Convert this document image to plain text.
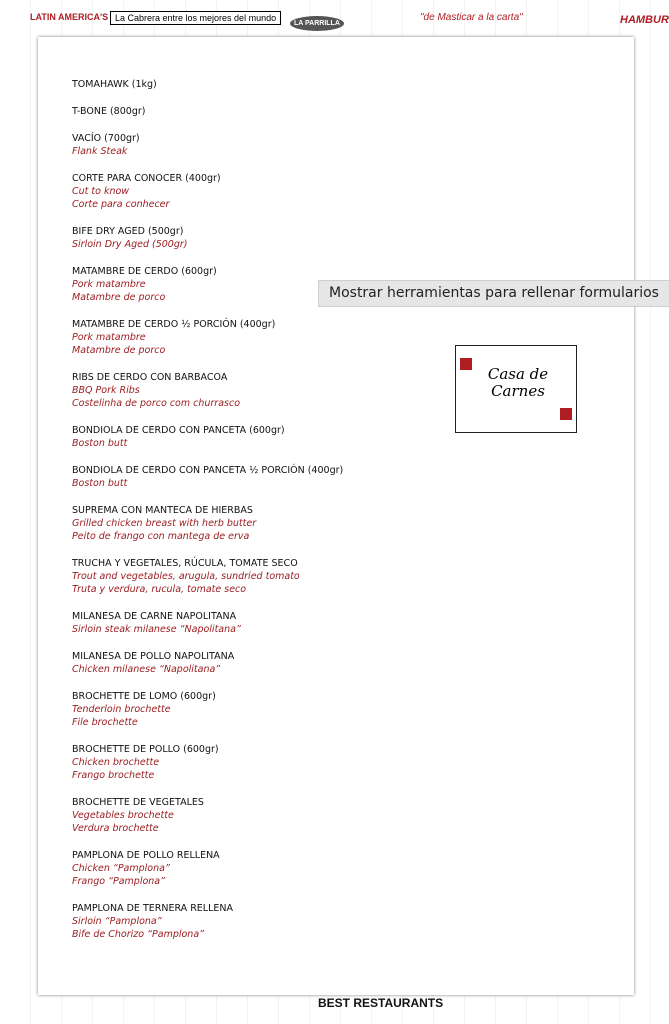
LATIN AMERICA'S La Cabrera entre los mejores del mundo
LA PARRILLA
"de Masticar a la carta"	HAMBUR
BEST RESTAURANTS
TOMAHAWK (1kg)
T-BONE (800gr)
VACÍO (700gr)
Flank Steak
CORTE PARA CONOCER (400gr)
Cut to know
Corte para conhecer
BIFE DRY AGED (500gr)
Sirloin Dry Aged (500gr)
MATAMBRE DE CERDO (600gr)
Pork matambre
Matambre de porco
MATAMBRE DE CERDO ½ PORCIÓN (400gr)
Pork matambre
Matambre de porco
RIBS DE CERDO CON BARBACOA
BBQ Pork Ribs
Costelinha de porco com churrasco
BONDIOLA DE CERDO CON PANCETA (600gr)
Boston butt
BONDIOLA DE CERDO CON PANCETA ½ PORCIÓN (400gr)
Boston butt
SUPREMA CON MANTECA DE HIERBAS
Grilled chicken breast with herb butter
Peito de frango con mantega de erva
TRUCHA Y VEGETALES, RÚCULA, TOMATE SECO
Trout and vegetables, arugula, sundried tomato
Truta y verdura, rucula, tomate seco
MILANESA DE CARNE NAPOLITANA
Sirloin steak milanese “Napolitana”
MILANESA DE POLLO NAPOLITANA
Chicken milanese “Napolitana”
BROCHETTE DE LOMO (600gr)
Tenderloin brochette
File brochette
BROCHETTE DE POLLO (600gr)
Chicken brochette
Frango brochette
BROCHETTE DE VEGETALES
Vegetables brochette
Verdura brochette
PAMPLONA DE POLLO RELLENA
Chicken “Pamplona”
Frango “Pamplona”
PAMPLONA DE TERNERA RELLENA
Sirloin “Pamplona”
Bife de Chorizo “Pamplona”
Casa de Carnes
Mostrar herramientas para rellenar formularios
